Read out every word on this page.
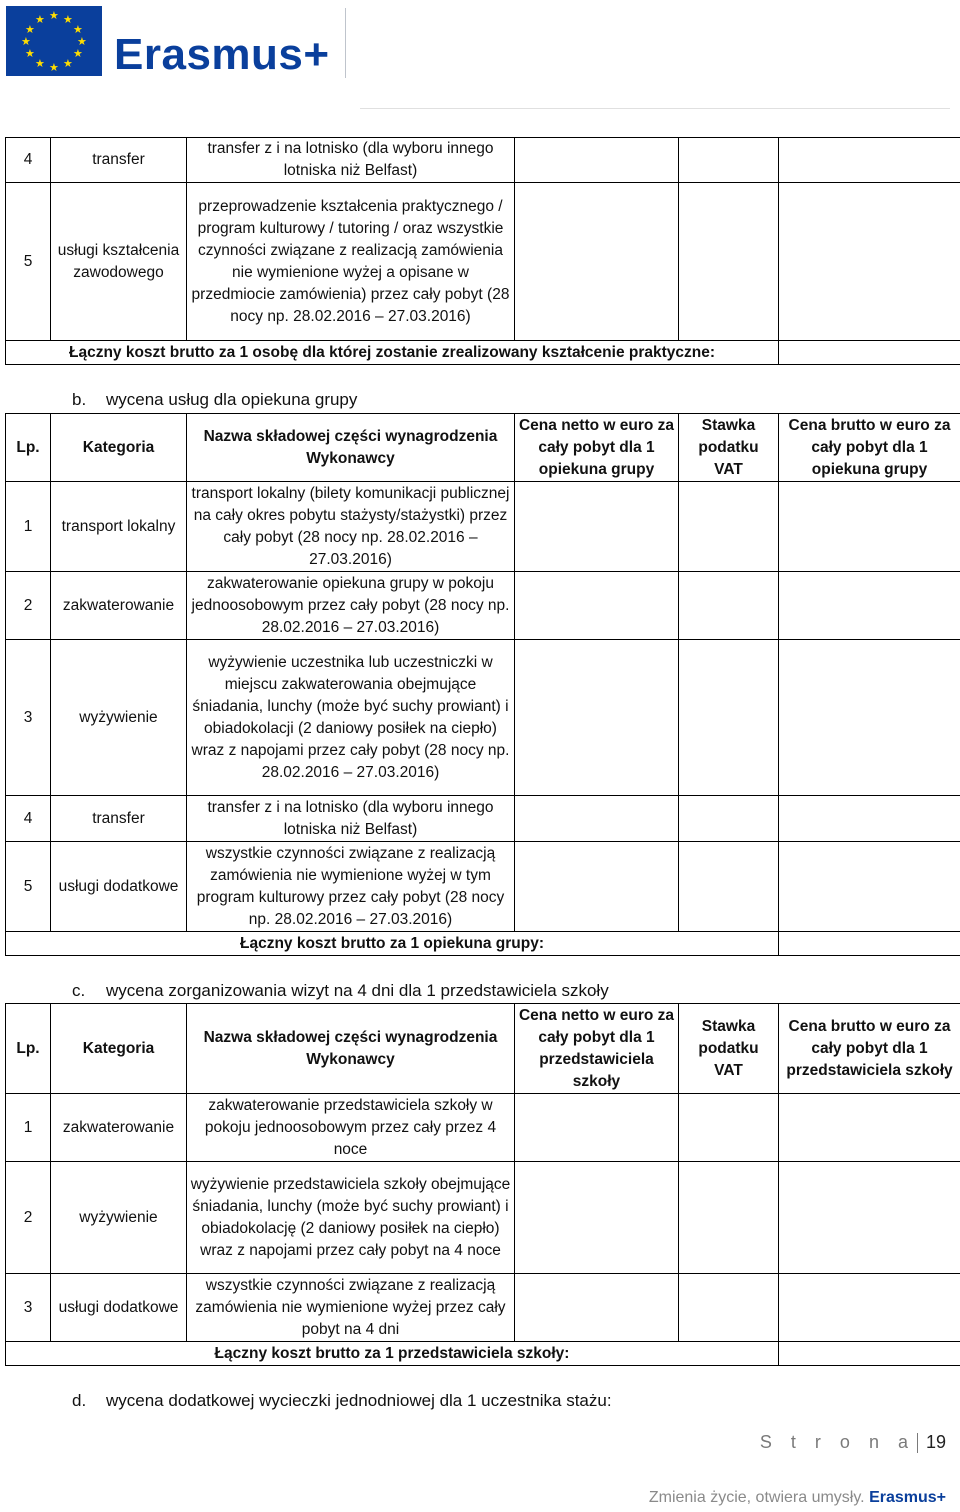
★ ★
★
★
★
★
★
★
★
★
★
★
Erasmus+
4	transfer	transfer z i na lotnisko (dla wyboru innego lotniska niż Belfast)			
5	usługi kształcenia zawodowego	przeprowadzenie kształcenia praktycznego / program kulturowy / tutoring / oraz wszystkie czynności związane z realizacją zamówienia nie wymienione wyżej a opisane w przedmiocie zamówienia) przez cały pobyt (28 nocy np. 28.02.2016 – 27.03.2016)			
Łączny koszt brutto za 1 osobę dla której zostanie zrealizowany kształcenie praktyczne:					
b. wycena usług dla opiekuna grupy
Lp.	Kategoria	Nazwa składowej części wynagrodzenia Wykonawcy	Cena netto w euro za cały pobyt dla 1 opiekuna grupy	Stawka podatku VAT	Cena brutto w euro za cały pobyt dla 1 opiekuna grupy
1	transport lokalny	transport lokalny (bilety komunikacji publicznej na cały okres pobytu stażysty/stażystki) przez cały pobyt (28 nocy np. 28.02.2016 – 27.03.2016)			
2	zakwaterowanie	zakwaterowanie opiekuna grupy w pokoju jednoosobowym przez cały pobyt (28 nocy np. 28.02.2016 – 27.03.2016)			
3	wyżywienie	wyżywienie uczestnika lub uczestniczki w miejscu zakwaterowania obejmujące śniadania, lunchy (może być suchy prowiant) i obiadokolacji (2 daniowy posiłek na ciepło) wraz z napojami przez cały pobyt (28 nocy np. 28.02.2016 – 27.03.2016)			
4	transfer	transfer z i na lotnisko (dla wyboru innego lotniska niż Belfast)			
5	usługi dodatkowe	wszystkie czynności związane z realizacją zamówienia nie wymienione wyżej w tym program kulturowy przez cały pobyt (28 nocy np. 28.02.2016 – 27.03.2016)			
Łączny koszt brutto za 1 opiekuna grupy:					
c. wycena zorganizowania wizyt na 4 dni dla 1 przedstawiciela szkoły
Lp.	Kategoria	Nazwa składowej części wynagrodzenia Wykonawcy	Cena netto w euro za cały pobyt dla 1 przedstawiciela szkoły	Stawka podatku VAT	Cena brutto w euro za cały pobyt dla 1 przedstawiciela szkoły
1	zakwaterowanie	zakwaterowanie przedstawiciela szkoły w pokoju jednoosobowym przez cały przez 4 noce			
2	wyżywienie	wyżywienie przedstawiciela szkoły obejmujące śniadania, lunchy (może być suchy prowiant) i obiadokolację (2 daniowy posiłek na ciepło) wraz z napojami przez cały pobyt na 4 noce			
3	usługi dodatkowe	wszystkie czynności związane z realizacją zamówienia nie wymienione wyżej przez cały pobyt na 4 dni			
Łączny koszt brutto za 1 przedstawiciela szkoły:					
d. wycena dodatkowej wycieczki jednodniowej dla 1 uczestnika stażu:
S t r o n a 19
Zmienia życie, otwiera umysły. Erasmus+
